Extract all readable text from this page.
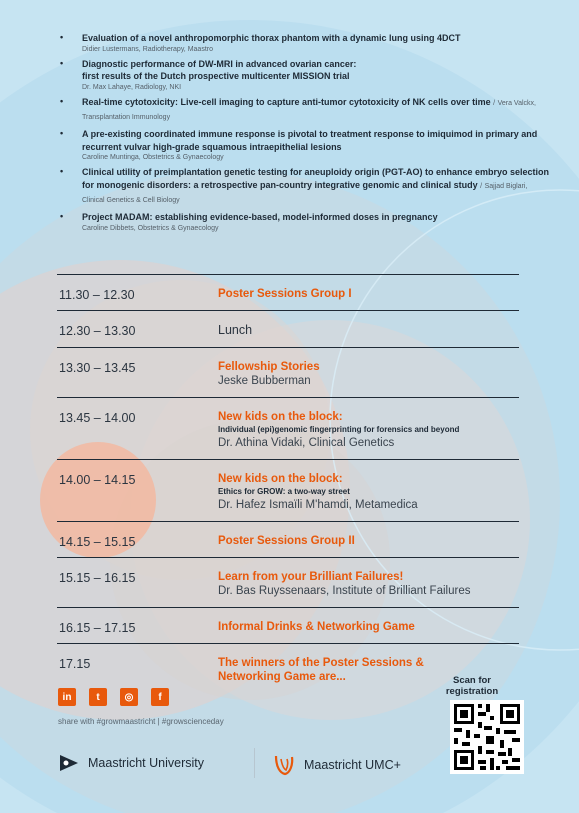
• Evaluation of a novel anthropomorphic thorax phantom with a dynamic lung using 4DCT
Didier Lustermans, Radiotherapy, Maastro
• Diagnostic performance of DW-MRI in advanced ovarian cancer:
first results of the Dutch prospective multicenter MISSION trial
Dr. Max Lahaye, Radiology, NKI
• Real-time cytotoxicity: Live-cell imaging to capture anti-tumor cytotoxicity of NK cells over time / Vera Valckx, Transplantation Immunology
• A pre-existing coordinated immune response is pivotal to treatment response to imiquimod in primary and recurrent vulvar high-grade squamous intraepithelial lesions
Caroline Muntinga, Obstetrics & Gynaecology
• Clinical utility of preimplantation genetic testing for aneuploidy origin (PGT-AO) to enhance embryo selection for monogenic disorders: a retrospective pan-country integrative genomic and clinical study / Sajjad Biglari, Clinical Genetics & Cell Biology
• Project MADAM: establishing evidence-based, model-informed doses in pregnancy
Caroline Dibbets, Obstetrics & Gynaecology
11.30 – 12.30	Poster Sessions Group I
12.30 – 13.30	Lunch
13.30 – 13.45	Fellowship Stories
Jeske Bubberman
13.45 – 14.00	New kids on the block:
Individual (epi)genomic fingerprinting for forensics and beyond
Dr. Athina Vidaki, Clinical Genetics
14.00 – 14.15	New kids on the block:
Ethics for GROW: a two-way street
Dr. Hafez Ismaïli M'hamdi, Metamedica
14.15 – 15.15	Poster Sessions Group II
15.15 – 16.15	Learn from your Brilliant Failures!
Dr. Bas Ruyssenaars, Institute of Brilliant Failures
16.15 – 17.15	Informal Drinks & Networking Game
17.15	The winners of the Poster Sessions &
Networking Game are...
in	t	◎	f
share with #growmaastricht | #growscienceday
Maastricht University	Maastricht UMC+
Scan for
registration
